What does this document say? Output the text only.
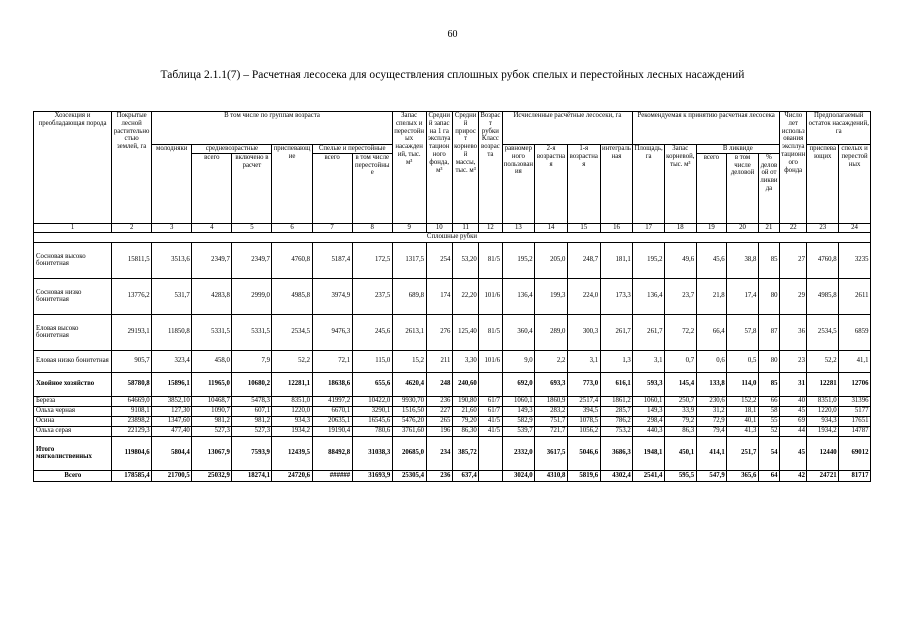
60
Таблица 2.1.1(7) – Расчетная лесосека для осуществления сплошных рубок спелых и перестойных лесных насаждений
Хозсекция и преобладающая порода	Покрытые лесной растительностью землей, га	В том числе по группам возраста						Запас спелых и перестойных насаждений, тыс. м³	Средний запас на 1 га эксплуатационного фонда, м³	Средний прирост корневой массы, тыс. м³	Возраст рубки Класс возраста	Исчисленные расчётные лесосеки, га				Рекомендуемая к принятию расчетная лесосека					Число лет использования эксплуатационного фонда	Предполагаемый остаток насаждений, га	
		молодняки	средневозрастные		приспевающие	Спелые и перестойные						равномерного пользования	2-я возрастная	1-я возрастная	интегральная	Площадь, га	Запас корневой, тыс. м³	В ликвиде				приспевающих	спелых и перестойных
			всего	включено в расчет		всего	в том числе перестойные											всего	в том числе деловой	% деловой от ликвида			
1	2	3	4	5	6	7	8	9	10	11	12	13	14	15	16	17	18	19	20	21	22	23	24
Сплошные рубки																							
Сосновая высоко бонитетная	15811,5	3513,6	2349,7	2349,7	4760,8	5187,4	172,5	1317,5	254	53,20	81/5	195,2	205,0	248,7	181,1	195,2	49,6	45,6	38,8	85	27	4760,8	3235
Сосновая низко бонитетная	13776,2	531,7	4283,8	2999,0	4985,8	3974,9	237,5	689,8	174	22,20	101/6	136,4	199,3	224,0	173,3	136,4	23,7	21,8	17,4	80	29	4985,8	2611
Еловая высоко бонитетная	29193,1	11850,8	5331,5	5331,5	2534,5	9476,3	245,6	2613,1	276	125,40	81/5	360,4	289,0	300,3	261,7	261,7	72,2	66,4	57,8	87	36	2534,5	6859
Еловая низко бонитетная	905,7	323,4	458,0	7,9	52,2	72,1	115,0	15,2	211	3,30	101/6	9,0	2,2	3,1	1,3	3,1	0,7	0,6	0,5	80	23	52,2	41,1
Хвойное хозяйство	58780,8	15896,1	11965,0	10680,2	12281,1	18638,6	655,6	4620,4	248	240,60		692,0	693,3	773,0	616,1	593,3	145,4	133,8	114,0	85	31	12281	12706
Береза	64669,0	3852,10	10468,7	5478,3	8351,0	41997,2	10422,0	9930,70	236	190,80	61/7	1060,1	1860,9	2517,4	1861,2	1060,1	250,7	230,6	152,2	66	40	8351,0	31396
Ольха черная	9108,1	127,30	1090,7	607,1	1220,0	6670,1	3290,1	1516,50	227	21,60	61/7	149,3	283,2	394,5	285,7	149,3	33,9	31,2	18,1	58	45	1220,0	5177
Осина	23898,2	1347,60	981,2	981,2	934,3	20635,1	16545,6	5476,20	265	79,20	41/5	582,9	751,7	1078,5	786,2	298,4	79,2	72,9	40,1	55	69	934,3	17651
Ольха серая	22129,3	477,40	527,3	527,3	1934,2	19190,4	780,6	3761,60	196	86,30	41/5	539,7	721,7	1056,2	753,2	440,3	86,3	79,4	41,3	52	44	1934,2	14787
Итого мягколиственных	119804,6	5804,4	13067,9	7593,9	12439,5	88492,8	31038,3	20685,0	234	385,72		2332,0	3617,5	5046,6	3686,3	1948,1	450,1	414,1	251,7	54	45	12440	69012
Всего	178585,4	21700,5	25032,9	18274,1	24720,6	######	31693,9	25305,4	236	637,4		3024,0	4310,8	5819,6	4302,4	2541,4	595,5	547,9	365,6	64	42	24721	81717
